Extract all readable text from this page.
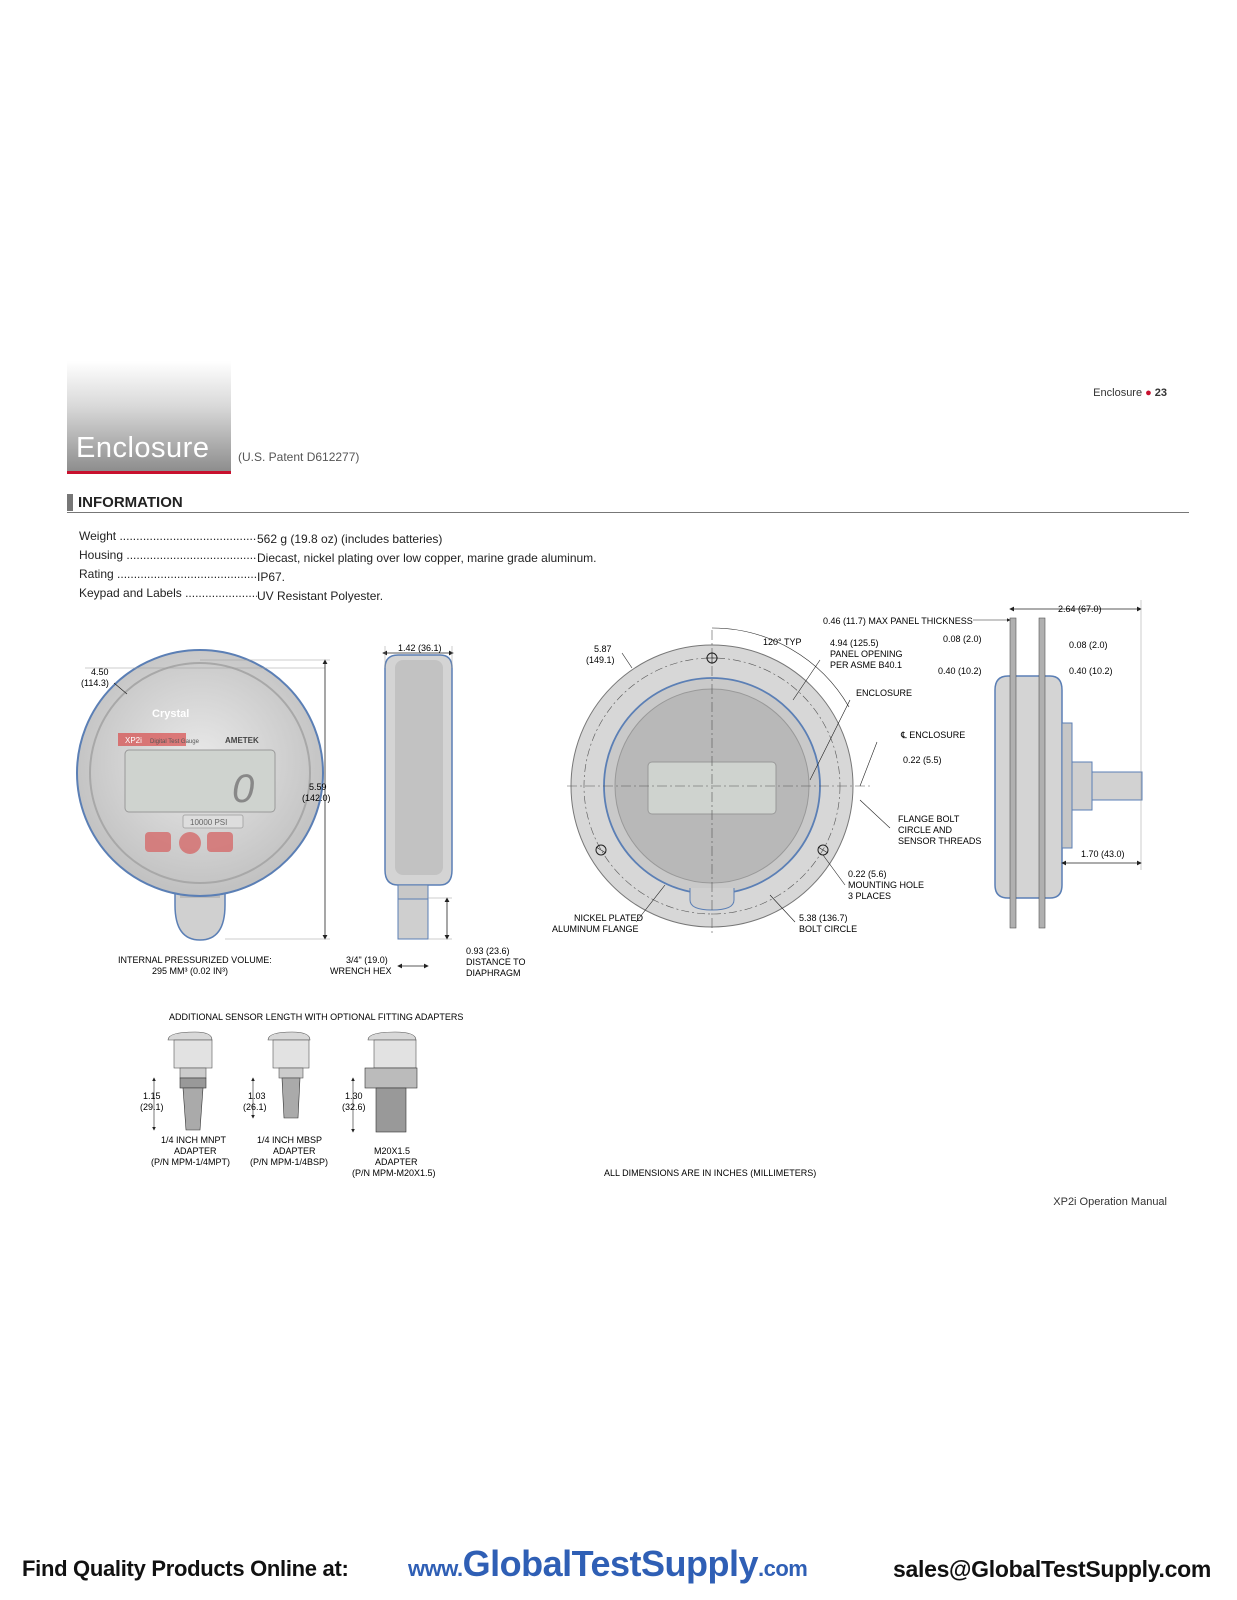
Enclosure ● 23
Enclosure (U.S. Patent D612277)
INFORMATION
Weight .....	562 g (19.8 oz) (includes batteries)
Housing .....	Diecast, nickel plating over low copper, marine grade aluminum.
Rating .....	IP67.
Keypad and Labels .....	UV Resistant Polyester.
0
Crystal
XP2i Digital Test Gauge	AMETEK
10000 PSI
4.50
(114.3)
5.59
(142.0)
INTERNAL PRESSURIZED VOLUME:
295 MM³ (0.02 IN³)
1.42 (36.1)
3/4" (19.0)
WRENCH HEX
0.93 (23.6)
DISTANCE TO
DIAPHRAGM
5.87
(149.1)
120° TYP	4.94 (125.5)
PANEL OPENING
PER ASME B40.1
ENCLOSURE
℄ ENCLOSURE
0.22 (5.5)
FLANGE BOLT
CIRCLE AND
SENSOR THREADS
0.22 (5.6)
MOUNTING HOLE
3 PLACES
NICKEL PLATED
ALUMINUM FLANGE
5.38 (136.7)
BOLT CIRCLE
0.46 (11.7) MAX PANEL THICKNESS
2.64 (67.0)
0.08 (2.0)
0.08 (2.0)
0.40 (10.2)	0.40 (10.2)
1.70 (43.0)
ADDITIONAL SENSOR LENGTH WITH OPTIONAL FITTING ADAPTERS
1.15
(29.1)
1/4 INCH MNPT
ADAPTER
(P/N MPM-1/4MPT)
1.03
(26.1)
1/4 INCH MBSP
ADAPTER
(P/N MPM-1/4BSP)
1.30
(32.6)
M20X1.5
ADAPTER
(P/N MPM-M20X1.5)	ALL DIMENSIONS ARE IN INCHES (MILLIMETERS)
XP2i Operation Manual
Find Quality Products Online at:	www.GlobalTestSupply.com	sales@GlobalTestSupply.com
